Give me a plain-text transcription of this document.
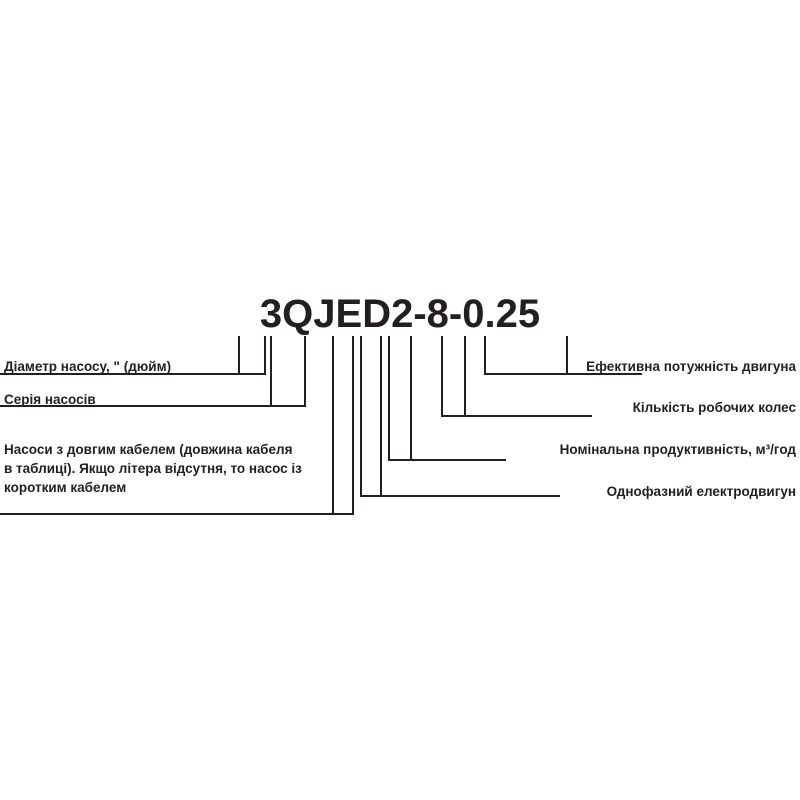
3QJED2-8-0.25
Діаметр насосу, " (дюйм)
Серія насосів
Насоси з довгим кабелем (довжина кабеля в таблиці). Якщо літера відсутня, то насос із коротким кабелем
Ефективна потужність двигуна
Кількість робочих колес
Номінальна продуктивність, м³/год
Однофазний електродвигун
